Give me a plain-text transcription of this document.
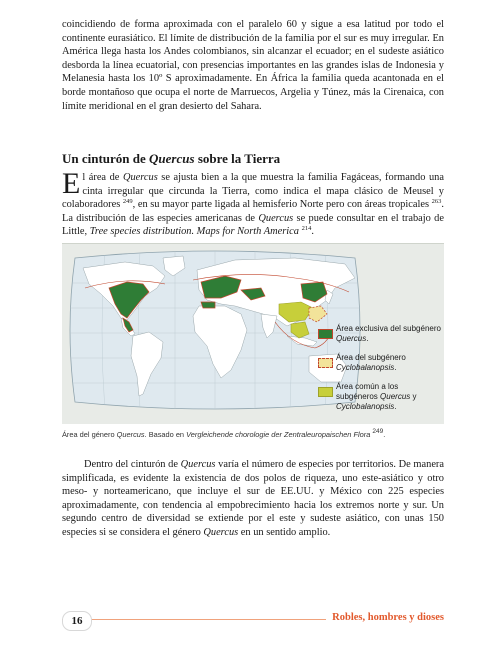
coincidiendo de forma aproximada con el paralelo 60 y sigue a esa latitud por todo el continente eurasiático. El límite de distribución de la familia por el sur es muy irregular. En América llega hasta los Andes colombianos, sin alcanzar el ecuador; en el sudeste asiático desborda la línea ecuatorial, con presencias importantes en las grandes islas de Indonesia y Melanesia hasta los 10º S aproximadamente. En África la familia queda acantonada en el borde montañoso que ocupa el norte de Marruecos, Argelia y Túnez, más la Cirenaica, con límite meridional en el gran desierto del Sahara.

Un cinturón de Quercus sobre la Tierra

El área de Quercus se ajusta bien a la que muestra la familia Fagáceas, formando una cinta irregular que circunda la Tierra, como indica el mapa clásico de Meusel y colaboradores $^{249}$, en su mayor parte ligada al hemisferio Norte pero con áreas tropicales $^{263}$. La distribución de las especies americanas de Quercus se puede consultar en el trabajo de Little, Tree species distribution. Maps for North America $^{214}$.

Área exclusiva del subgénero Quercus.
Área del subgénero Cyclobalanopsis.
Área común a los subgéneros Quercus y Cyclobalanopsis.
Área del género Quercus. Basado en Vergleichende chorologie der Zentraleuropaischen Flora $^{249}$.

Dentro del cinturón de Quercus varía el número de especies por territorios. De manera simplificada, es evidente la existencia de dos polos de riqueza, uno este-asiático y otro meso- y norteamericano, que incluye el sur de EE.UU. y México con 225 especies aproximadamente, con tendencia al empobrecimiento hacia los extremos norte y sur. Un segundo centro de diversidad se extiende por el este y sudeste asiático, con unas 150 especies si se considera el género Quercus en un sentido amplio.

16	Robles, hombres y dioses
